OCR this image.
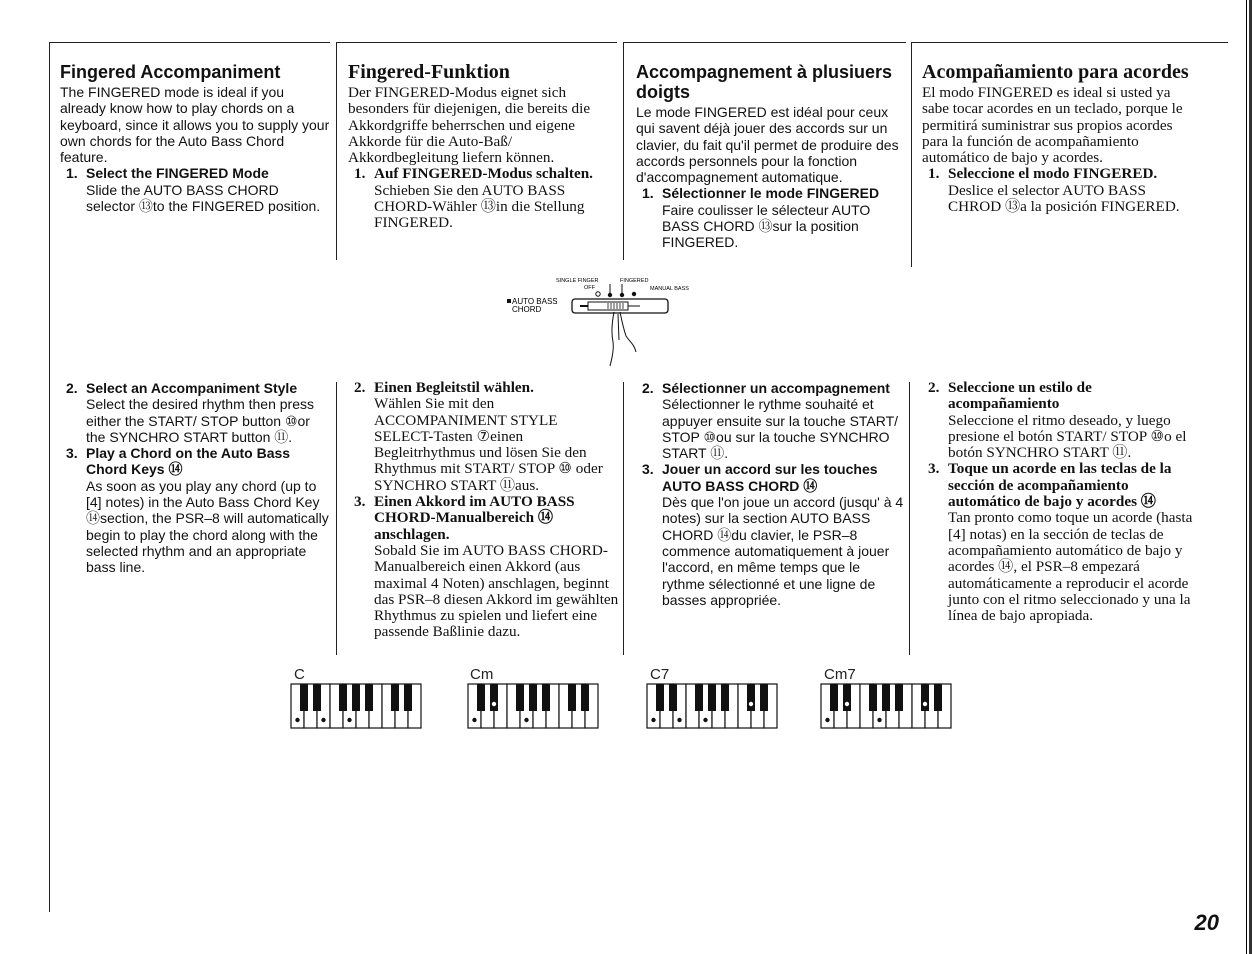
Fingered Accompaniment

The FINGERED mode is ideal if you already know how to play chords on a keyboard, since it allows you to supply your own chords for the Auto Bass Chord feature.

1. Select the FINGERED Mode
Slide the AUTO BASS CHORD selector ⑬to the FINGERED position.
2. Select an Accompaniment Style
Select the desired rhythm then press either the START/ STOP button ⑩or the SYNCHRO START button ⑪.
3. Play a Chord on the Auto Bass Chord Keys ⑭
As soon as you play any chord (up to [4] notes) in the Auto Bass Chord Key ⑭section, the PSR–8 will automatically begin to play the chord along with the selected rhythm and an appropriate bass line.
Fingered-Funktion

Der FINGERED-Modus eignet sich besonders für diejenigen, die bereits die Akkordgriffe beherrschen und eigene Akkorde für die Auto-Baß/ Akkordbegleitung liefern können.

1. Auf FINGERED-Modus schalten.
Schieben Sie den AUTO BASS CHORD-Wähler ⑬in die Stellung FINGERED.
2. Einen Begleitstil wählen.
Wählen Sie mit den ACCOMPANIMENT STYLE SELECT-Tasten ⑦einen Begleitrhythmus und lösen Sie den Rhythmus mit START/ STOP ⑩ oder SYNCHRO START ⑪aus.
3. Einen Akkord im AUTO BASS CHORD-Manualbereich ⑭ anschlagen.
Sobald Sie im AUTO BASS CHORD-Manualbereich einen Akkord (aus maximal 4 Noten) anschlagen, beginnt das PSR–8 diesen Akkord im gewählten Rhythmus zu spielen und liefert eine passende Baßlinie dazu.
Accompagnement à plusiuers doigts

Le mode FINGERED est idéal pour ceux qui savent déjà jouer des accords sur un clavier, du fait qu'il permet de produire des accords personnels pour la fonction d'accompagnement automatique.

1. Sélectionner le mode FINGERED
Faire coulisser le sélecteur AUTO BASS CHORD ⑬sur la position FINGERED.
2. Sélectionner un accompagnement
Sélectionner le rythme souhaité et appuyer ensuite sur la touche START/ STOP ⑩ou sur la touche SYNCHRO START ⑪.
3. Jouer un accord sur les touches AUTO BASS CHORD ⑭
Dès que l'on joue un accord (jusqu' à 4 notes) sur la section AUTO BASS CHORD ⑭du clavier, le PSR–8 commence automatiquement à jouer l'accord, en même temps que le rythme sélectionné et une ligne de basses appropriée.
Acompañamiento para acordes

El modo FINGERED es ideal si usted ya sabe tocar acordes en un teclado, porque le permitirá suministrar sus propios acordes para la función de acompañamiento automático de bajo y acordes.

1. Seleccione el modo FINGERED.
Deslice el selector AUTO BASS CHROD ⑬a la posición FINGERED.
2. Seleccione un estilo de acompañamiento
Seleccione el ritmo deseado, y luego presione el botón START/ STOP ⑩o el botón SYNCHRO START ⑪.
3. Toque un acorde en las teclas de la sección de acompañamiento automático de bajo y acordes ⑭
Tan pronto como toque un acorde (hasta [4] notas) en la sección de teclas de acompañamiento automático de bajo y acordes ⑭, el PSR–8 empezará automáticamente a reproducir el acorde junto con el ritmo seleccionado y una la línea de bajo apropiada.
SINGLE FINGER	FINGERED
OFF	MANUAL BASS
AUTO BASS
CHORD
C	Cm	C7	Cm7
20
